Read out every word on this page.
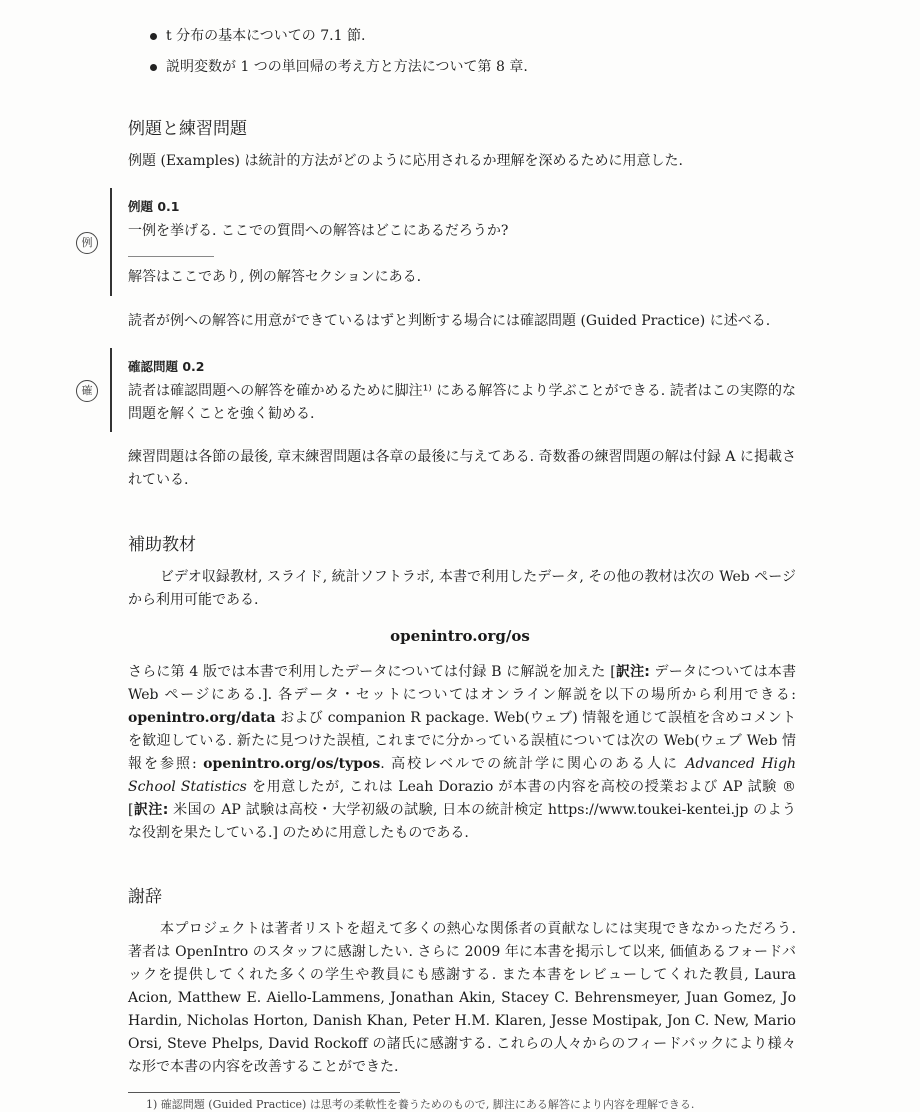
t 分布の基本についての 7.1 節.
説明変数が 1 つの単回帰の考え方と方法について第 8 章.
例題と練習問題

例題 (Examples) は統計的方法がどのように応用されるか理解を深めるために用意した.

例題 0.1
例

一例を挙げる. ここでの質問への解答はどこにあるだろうか?

解答はここであり, 例の解答セクションにある.

読者が例への解答に用意ができているはずと判断する場合には確認問題 (Guided Practice) に述べる.

確認問題 0.2
確	読者は確認問題への解答を確かめるために脚注¹⁾ にある解答により学ぶことができる. 読者はこの実際的な問題を解くことを強く勧める.

練習問題は各節の最後, 章末練習問題は各章の最後に与えてある. 奇数番の練習問題の解は付録 A に掲載されている.

補助教材

ビデオ収録教材, スライド, 統計ソフトラボ, 本書で利用したデータ, その他の教材は次の Web ページから利用可能である.

openintro.org/os

さらに第 4 版では本書で利用したデータについては付録 B に解説を加えた [訳注: データについては本書 Web ページにある.]. 各データ・セットについてはオンライン解説を以下の場所から利用できる: openintro.org/data および companion R package. Web(ウェブ) 情報を通じて誤植を含めコメントを歓迎している. 新たに見つけた誤植, これまでに分かっている誤植については次の Web(ウェブ Web 情報を参照: openintro.org/os/typos. 高校レベルでの統計学に関心のある人に Advanced High School Statistics を用意したが, これは Leah Dorazio が本書の内容を高校の授業および AP 試験 ® [訳注: 米国の AP 試験は高校・大学初級の試験, 日本の統計検定 https://www.toukei-kentei.jp のような役割を果たしている.] のために用意したものである.

謝辞

本プロジェクトは著者リストを超えて多くの熱心な関係者の貢献なしには実現できなかっただろう. 著者は OpenIntro のスタッフに感謝したい. さらに 2009 年に本書を掲示して以来, 価値あるフォードバックを提供してくれた多くの学生や教員にも感謝する. また本書をレビューしてくれた教員, Laura Acion, Matthew E. Aiello-Lammens, Jonathan Akin, Stacey C. Behrensmeyer, Juan Gomez, Jo Hardin, Nicholas Horton, Danish Khan, Peter H.M. Klaren, Jesse Mostipak, Jon C. New, Mario Orsi, Steve Phelps, David Rockoff の諸氏に感謝する. これらの人々からのフィードバックにより様々な形で本書の内容を改善することができた.

1) 確認問題 (Guided Practice) は思考の柔軟性を養うためのもので, 脚注にある解答により内容を理解できる.
